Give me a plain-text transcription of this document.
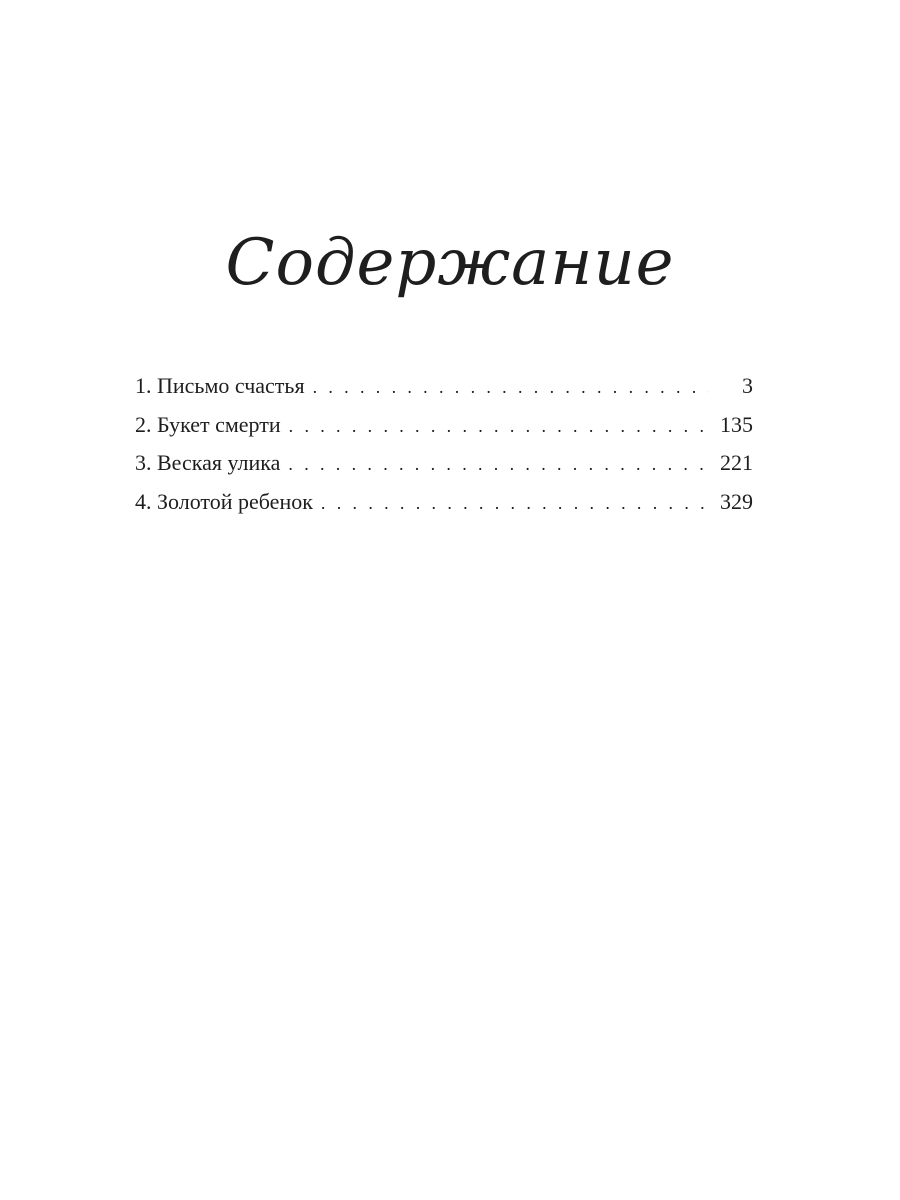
Содержание
1. Письмо счастья . . .	3
2. Букет смерти . . .	135
3. Веская улика . . .	221
4. Золотой ребенок . . .	329
